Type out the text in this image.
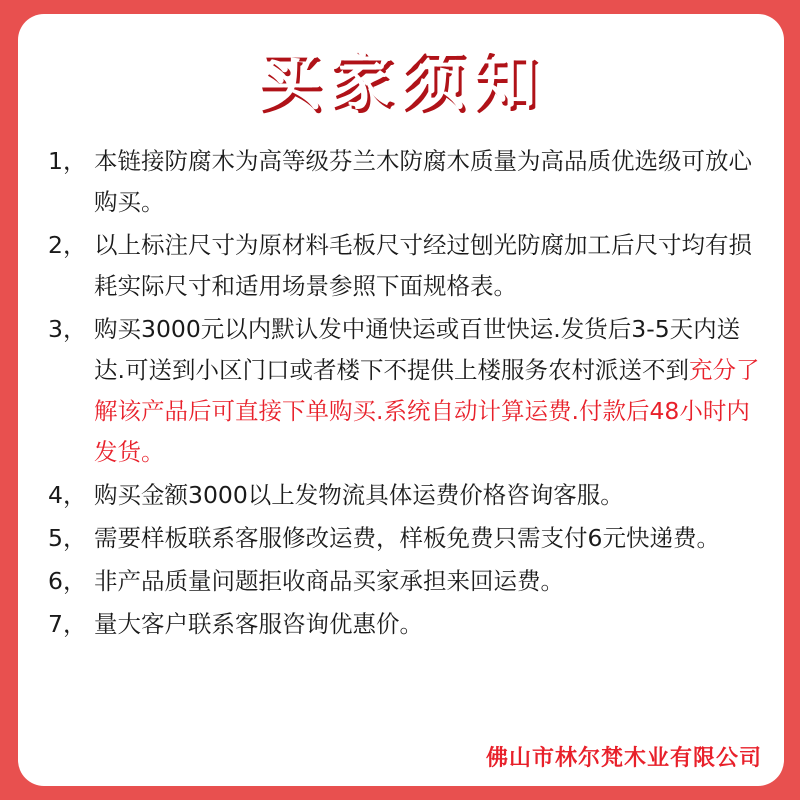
买家须知
1， 本链接防腐木为高等级芬兰木防腐木质量为高品质优选级可放心购买。
2， 以上标注尺寸为原材料毛板尺寸经过刨光防腐加工后尺寸均有损耗实际尺寸和适用场景参照下面规格表。
3， 购买3000元以内默认发中通快运或百世快运.发货后3-5天内送达.可送到小区门口或者楼下不提供上楼服务农村派送不到充分了解该产品后可直接下单购买.系统自动计算运费.付款后48小时内发货。
4， 购买金额3000以上发物流具体运费价格咨询客服。
5， 需要样板联系客服修改运费，样板免费只需支付6元快递费。
6， 非产品质量问题拒收商品买家承担来回运费。
7， 量大客户联系客服咨询优惠价。
佛山市林尔梵木业有限公司
